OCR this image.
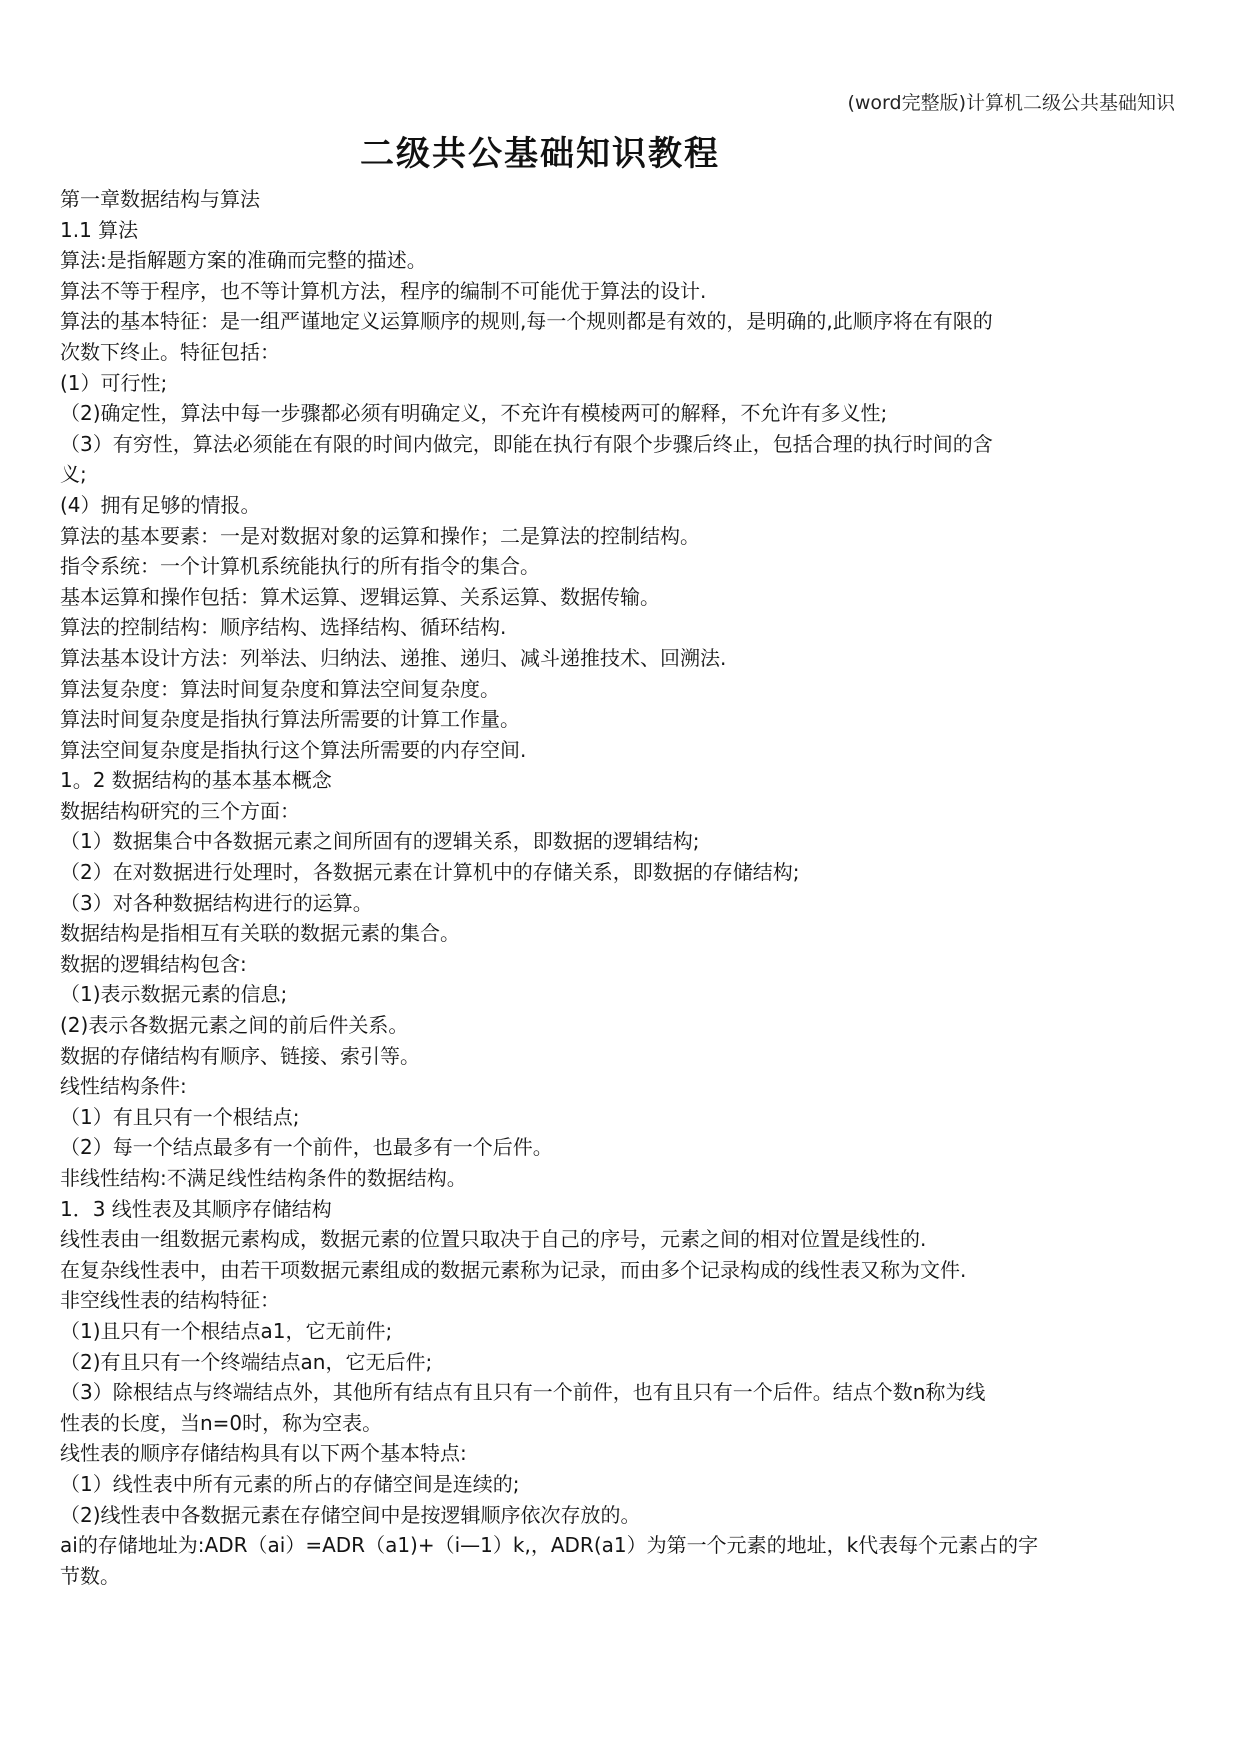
(word完整版)计算机二级公共基础知识
二级共公基础知识教程
第一章数据结构与算法
1.1 算法
算法:是指解题方案的准确而完整的描述。
算法不等于程序，也不等计算机方法，程序的编制不可能优于算法的设计.
算法的基本特征：是一组严谨地定义运算顺序的规则,每一个规则都是有效的，是明确的,此顺序将在有限的
次数下终止。特征包括：
(1）可行性;
（2)确定性，算法中每一步骤都必须有明确定义，不充许有模棱两可的解释，不允许有多义性;
（3）有穷性，算法必须能在有限的时间内做完，即能在执行有限个步骤后终止，包括合理的执行时间的含
义;
(4）拥有足够的情报。
算法的基本要素：一是对数据对象的运算和操作；二是算法的控制结构。
指令系统：一个计算机系统能执行的所有指令的集合。
基本运算和操作包括：算术运算、逻辑运算、关系运算、数据传输。
算法的控制结构：顺序结构、选择结构、循环结构.
算法基本设计方法：列举法、归纳法、递推、递归、减斗递推技术、回溯法.
算法复杂度：算法时间复杂度和算法空间复杂度。
算法时间复杂度是指执行算法所需要的计算工作量。
算法空间复杂度是指执行这个算法所需要的内存空间.
1。2 数据结构的基本基本概念
数据结构研究的三个方面：
（1）数据集合中各数据元素之间所固有的逻辑关系，即数据的逻辑结构;
（2）在对数据进行处理时，各数据元素在计算机中的存储关系，即数据的存储结构;
（3）对各种数据结构进行的运算。
数据结构是指相互有关联的数据元素的集合。
数据的逻辑结构包含:
（1)表示数据元素的信息;
(2)表示各数据元素之间的前后件关系。
数据的存储结构有顺序、链接、索引等。
线性结构条件:
（1）有且只有一个根结点;
（2）每一个结点最多有一个前件，也最多有一个后件。
非线性结构:不满足线性结构条件的数据结构。
1．3 线性表及其顺序存储结构
线性表由一组数据元素构成，数据元素的位置只取决于自己的序号，元素之间的相对位置是线性的.
在复杂线性表中，由若干项数据元素组成的数据元素称为记录，而由多个记录构成的线性表又称为文件.
非空线性表的结构特征：
（1)且只有一个根结点a1，它无前件;
（2)有且只有一个终端结点an，它无后件;
（3）除根结点与终端结点外，其他所有结点有且只有一个前件，也有且只有一个后件。结点个数n称为线
性表的长度，当n=0时，称为空表。
线性表的顺序存储结构具有以下两个基本特点:
（1）线性表中所有元素的所占的存储空间是连续的;
（2)线性表中各数据元素在存储空间中是按逻辑顺序依次存放的。
ai的存储地址为:ADR（ai）=ADR（a1)+（i—1）k,，ADR(a1）为第一个元素的地址，k代表每个元素占的字
节数。
